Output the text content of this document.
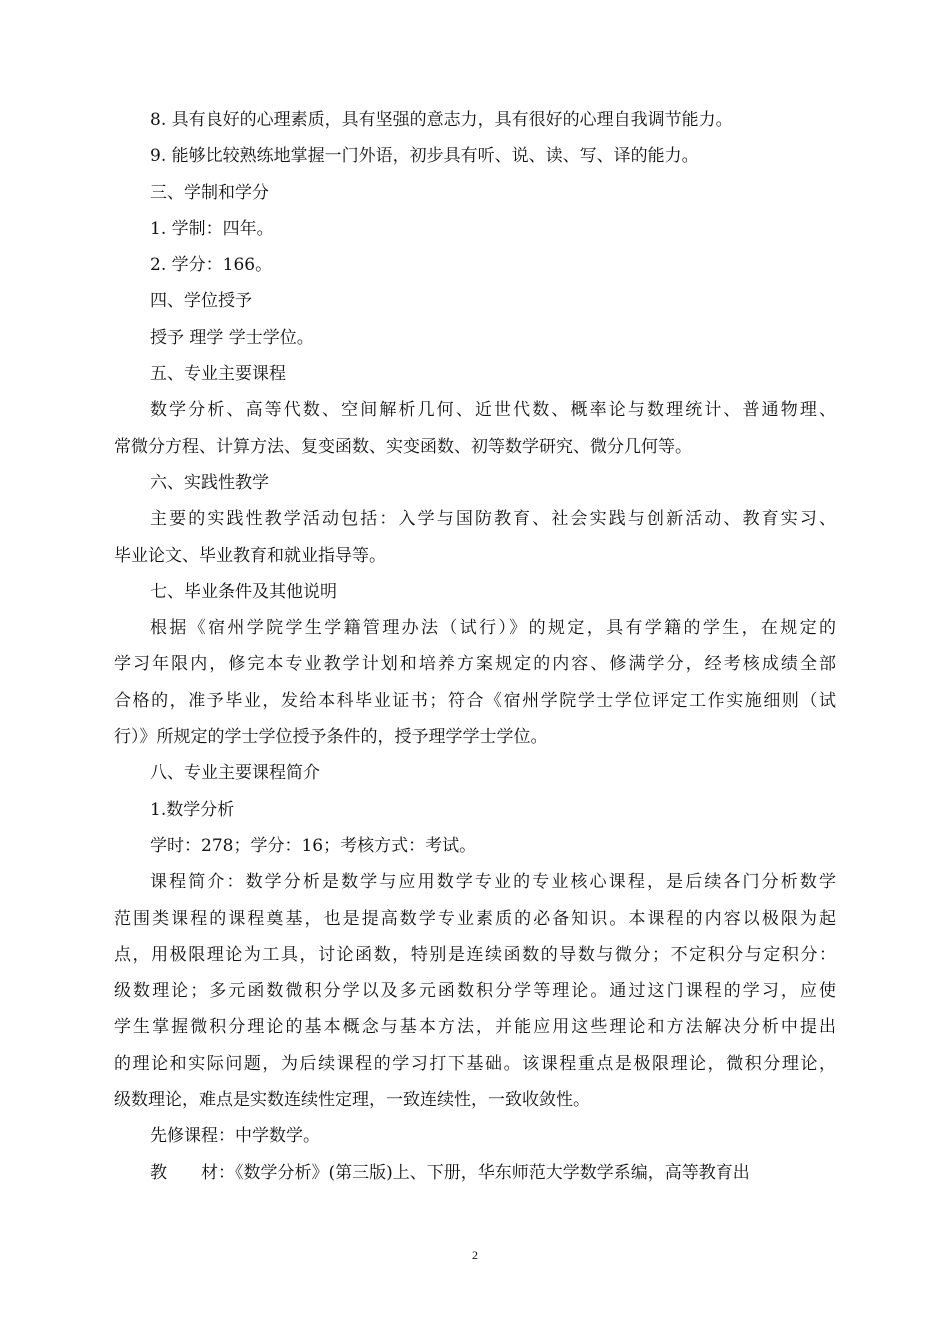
8. 具有良好的心理素质，具有坚强的意志力，具有很好的心理自我调节能力。
9. 能够比较熟练地掌握一门外语，初步具有听、说、读、写、译的能力。
三、学制和学分
1. 学制：四年。
2. 学分：166。
四、学位授予
授予 理学 学士学位。
五、专业主要课程
数学分析、高等代数、空间解析几何、近世代数、概率论与数理统计、普通物理、
常微分方程、计算方法、复变函数、实变函数、初等数学研究、微分几何等。
六、实践性教学
主要的实践性教学活动包括：入学与国防教育、社会实践与创新活动、教育实习、
毕业论文、毕业教育和就业指导等。
七、毕业条件及其他说明
根据《宿州学院学生学籍管理办法（试行）》的规定，具有学籍的学生，在规定的
学习年限内，修完本专业教学计划和培养方案规定的内容、修满学分，经考核成绩全部
合格的，准予毕业，发给本科毕业证书；符合《宿州学院学士学位评定工作实施细则（试
行）》所规定的学士学位授予条件的，授予理学学士学位。
八、专业主要课程简介
1.数学分析
学时：278；学分：16；考核方式：考试。
课程简介：数学分析是数学与应用数学专业的专业核心课程，是后续各门分析数学
范围类课程的课程奠基，也是提高数学专业素质的必备知识。本课程的内容以极限为起
点，用极限理论为工具，讨论函数，特别是连续函数的导数与微分；不定积分与定积分：
级数理论；多元函数微积分学以及多元函数积分学等理论。通过这门课程的学习，应使
学生掌握微积分理论的基本概念与基本方法，并能应用这些理论和方法解决分析中提出
的理论和实际问题，为后续课程的学习打下基础。该课程重点是极限理论，微积分理论，
级数理论，难点是实数连续性定理，一致连续性，一致收敛性。
先修课程：中学数学。
教　材：《数学分析》(第三版)上、下册，华东师范大学数学系编，高等教育出
2
